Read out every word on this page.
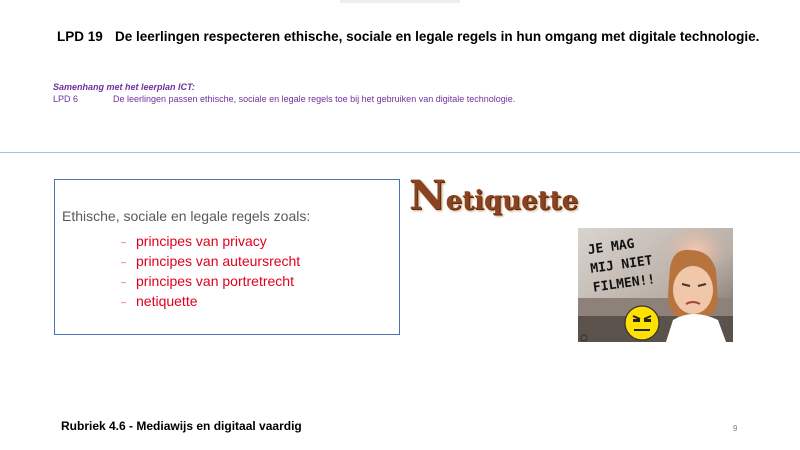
LPD 19 De leerlingen respecteren ethische, sociale en legale regels in hun omgang met digitale technologie.
Samenhang met het leerplan ICT:
LPD 6	De leerlingen passen ethische, sociale en legale regels toe bij het gebruiken van digitale technologie.
Ethische, sociale en legale regels zoals:
– principes van privacy
– principes van auteursrecht
– principes van portretrecht
– netiquette
Netiquette
JE MAG
MIJ NIET
FILMEN!!
Rubriek 4.6 - Mediawijs en digitaal vaardig	9
